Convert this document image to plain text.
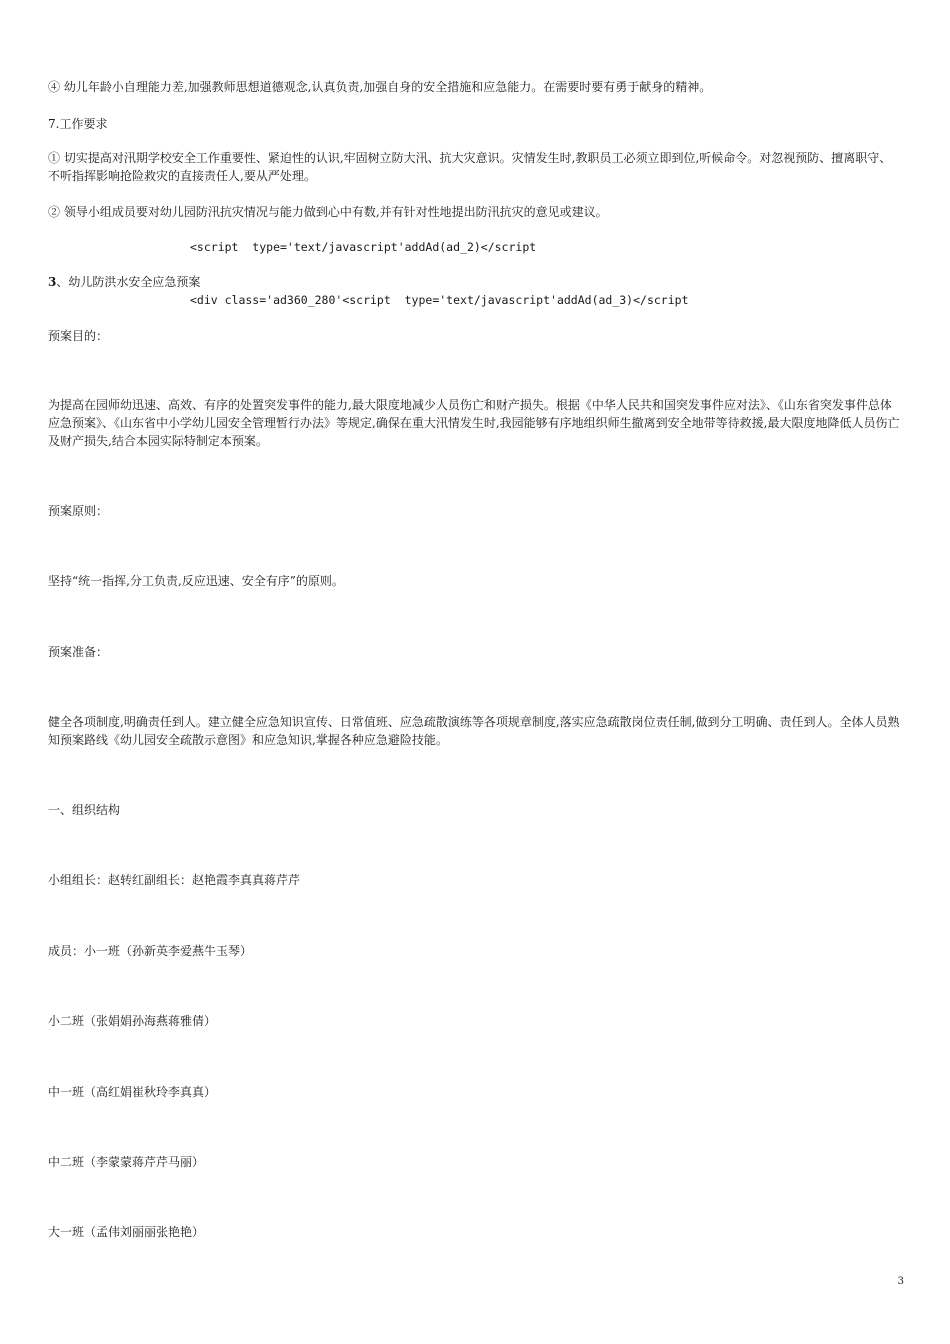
④ 幼儿年龄小自理能力差,加强教师思想道德观念,认真负责,加强自身的安全措施和应急能力。在需要时要有勇于献身的精神。

7.工作要求

① 切实提高对汛期学校安全工作重要性、紧迫性的认识,牢固树立防大汛、抗大灾意识。灾情发生时,教职员工必须立即到位,听候命令。对忽视预防、擅离职守、不听指挥影响抢险救灾的直接责任人,要从严处理。

② 领导小组成员要对幼儿园防汛抗灾情况与能力做到心中有数,并有针对性地提出防汛抗灾的意见或建议。

<script  type='text/javascript'addAd(ad_2)</script

3、幼儿防洪水安全应急预案

<div class='ad360_280'<script  type='text/javascript'addAd(ad_3)</script

预案目的：

为提高在园师幼迅速、高效、有序的处置突发事件的能力,最大限度地减少人员伤亡和财产损失。根据《中华人民共和国突发事件应对法》、《山东省突发事件总体应急预案》、《山东省中小学幼儿园安全管理暂行办法》等规定,确保在重大汛情发生时,我园能够有序地组织师生撤离到安全地带等待救援,最大限度地降低人员伤亡及财产损失,结合本园实际特制定本预案。

预案原则：

坚持“统一指挥,分工负责,反应迅速、安全有序”的原则。

预案准备：

健全各项制度,明确责任到人。建立健全应急知识宣传、日常值班、应急疏散演练等各项规章制度,落实应急疏散岗位责任制,做到分工明确、责任到人。全体人员熟知预案路线《幼儿园安全疏散示意图》和应急知识,掌握各种应急避险技能。

一、组织结构

小组组长：赵转红副组长：赵艳霞李真真蒋芹芹

成员：小一班（孙新英李爱燕牛玉琴）

小二班（张娟娟孙海燕蒋雅倩）

中一班（高红娟崔秋玲李真真）

中二班（李蒙蒙蒋芹芹马丽）

大一班（孟伟刘丽丽张艳艳）

3
